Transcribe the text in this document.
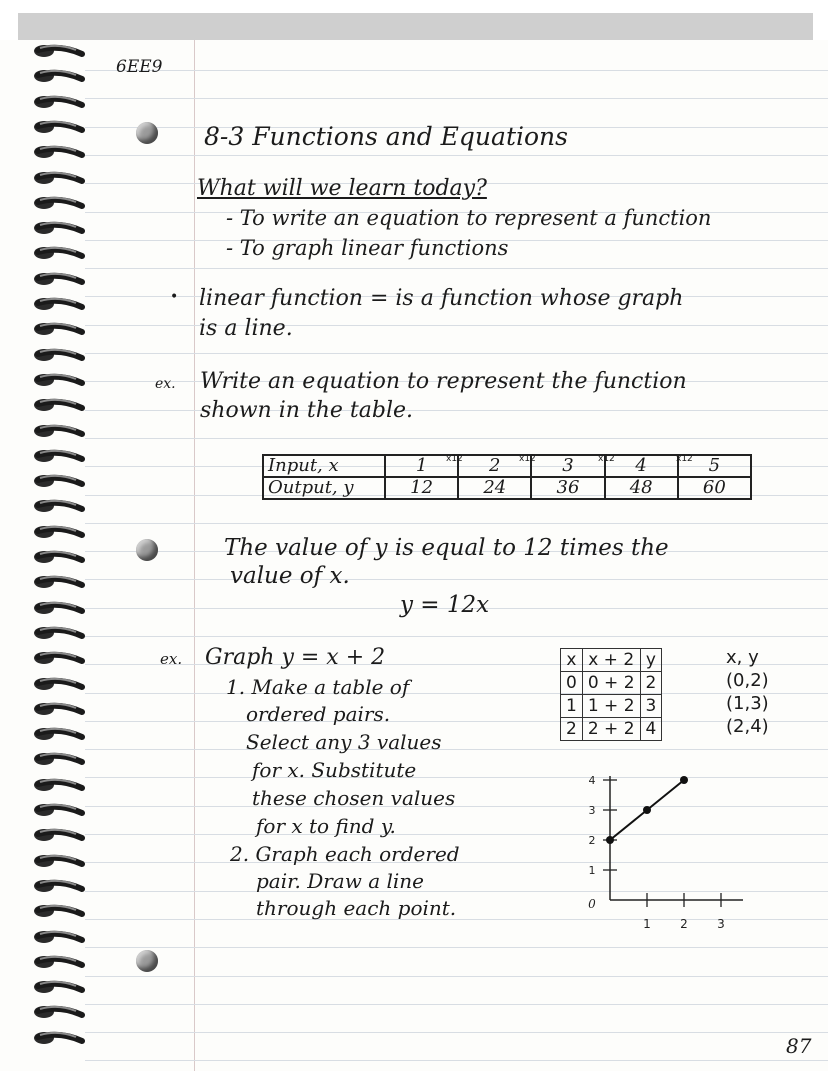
6EE9
8-3 Functions and Equations
What will we learn today?
- To write an equation to represent a function
- To graph linear functions
• linear function = is a function whose graph
is a line.
ex. Write an equation to represent the function
shown in the table.
Input, x	1	2	3	4	5
Output, y	12	24	36	48	60
x12	x12	x12	x12
The value of y is equal to 12 times the
value of x.
y = 12x
ex. Graph y = x + 2
1. Make a table of
ordered pairs.
Select any 3 values
for x. Substitute
these chosen values
for x to find y.
2. Graph each ordered
pair. Draw a line
through each point.
x	x + 2	y
0	0 + 2	2
1	1 + 2	3
2	2 + 2	4
x, y
(0,2)
(1,3)
(2,4)
1 2 3
1
2
3
4
0
87
